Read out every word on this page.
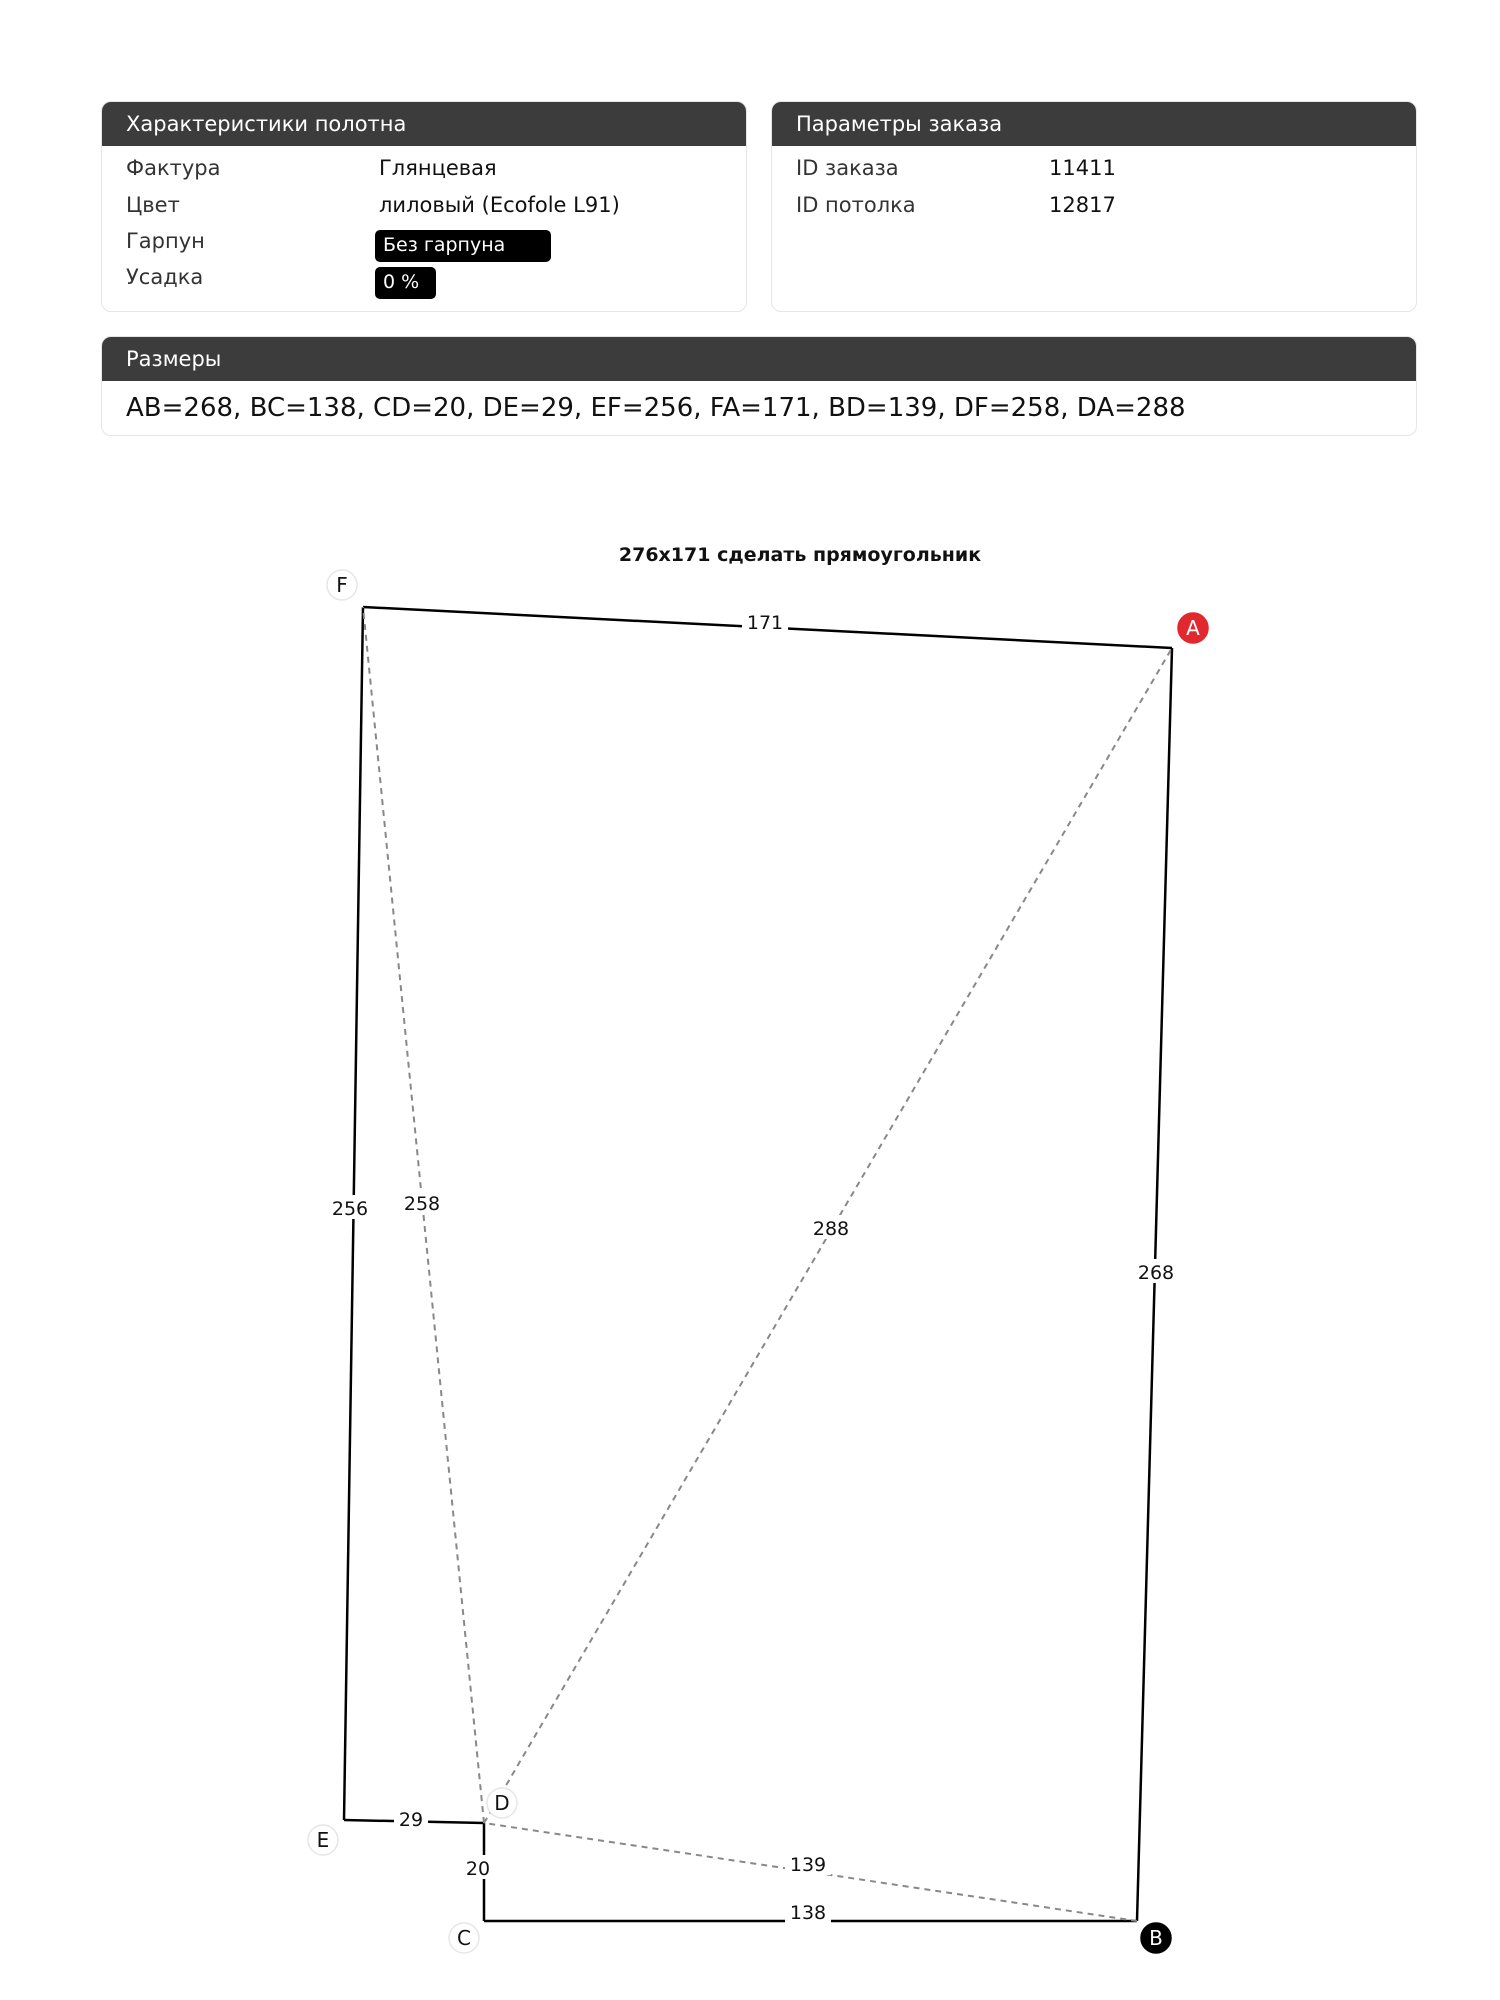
Характеристики полотна
Фактура	Глянцевая
Цвет	лиловый (Ecofole L91)
Гарпун	Без гарпуна
Усадка	0 %
Параметры заказа
ID заказа	11411
ID потолка	12817
Размеры
AB=268, BC=138, CD=20, DE=29, EF=256, FA=171, BD=139, DF=258, DA=288
276x171 сделать прямоугольник
268
138
20
29
256
171
139
258
288
A
B
C
D
E
F
